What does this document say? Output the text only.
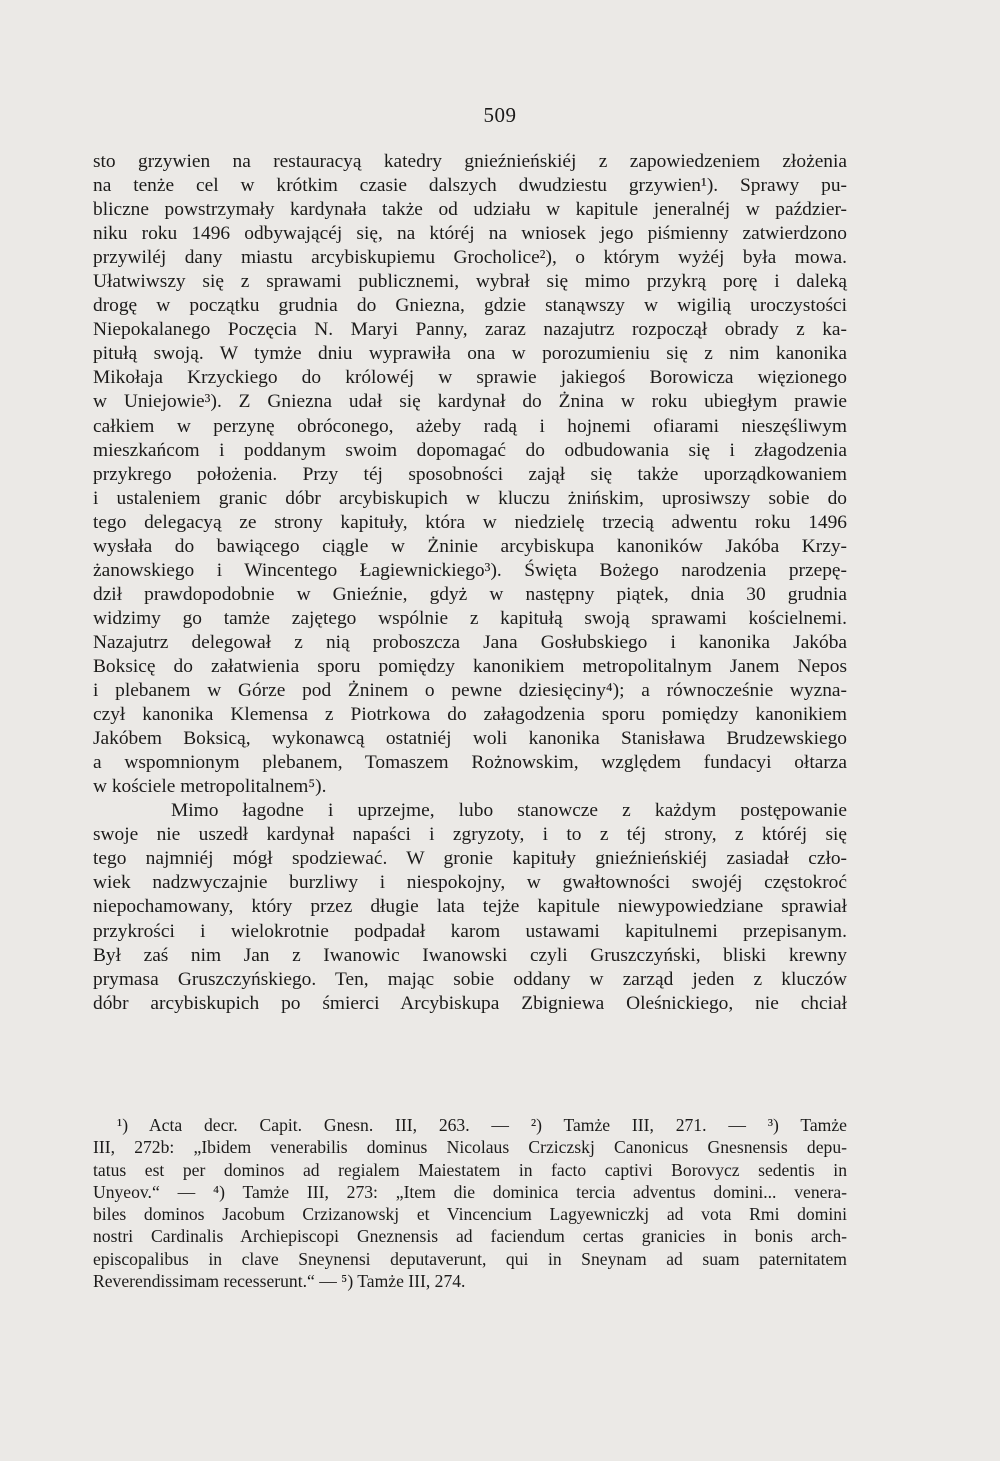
509
sto grzywien na restauracyą katedry gnieźnieńskiéj z zapowiedzeniem złożenia
na tenże cel w krótkim czasie dalszych dwudziestu grzywien¹). Sprawy pu-
bliczne powstrzymały kardynała także od udziału w kapitule jeneralnéj w paździer-
niku roku 1496 odbywającéj się, na któréj na wniosek jego piśmienny zatwierdzono
przywiléj dany miastu arcybiskupiemu Grocholice²), o którym wyżéj była mowa.
Ułatwiwszy się z sprawami publicznemi, wybrał się mimo przykrą porę i daleką
drogę w początku grudnia do Gniezna, gdzie stanąwszy w wigilią uroczystości
Niepokalanego Poczęcia N. Maryi Panny, zaraz nazajutrz rozpoczął obrady z ka-
pitułą swoją. W tymże dniu wyprawiła ona w porozumieniu się z nim kanonika
Mikołaja Krzyckiego do królowéj w sprawie jakiegoś Borowicza więzionego
w Uniejowie³). Z Gniezna udał się kardynał do Żnina w roku ubiegłym prawie
całkiem w perzynę obróconego, ażeby radą i hojnemi ofiarami nieszęśliwym
mieszkańcom i poddanym swoim dopomagać do odbudowania się i złagodzenia
przykrego położenia. Przy téj sposobności zajął się także uporządkowaniem
i ustaleniem granic dóbr arcybiskupich w kluczu żnińskim, uprosiwszy sobie do
tego delegacyą ze strony kapituły, która w niedzielę trzecią adwentu roku 1496
wysłała do bawiącego ciągle w Żninie arcybiskupa kanoników Jakóba Krzy-
żanowskiego i Wincentego Łagiewnickiego³). Święta Bożego narodzenia przepę-
dził prawdopodobnie w Gnieźnie, gdyż w następny piątek, dnia 30 grudnia
widzimy go tamże zajętego wspólnie z kapitułą swoją sprawami kościelnemi.
Nazajutrz delegował z nią proboszcza Jana Gosłubskiego i kanonika Jakóba
Boksicę do załatwienia sporu pomiędzy kanonikiem metropolitalnym Janem Nepos
i plebanem w Górze pod Żninem o pewne dziesięciny⁴); a równocześnie wyzna-
czył kanonika Klemensa z Piotrkowa do załagodzenia sporu pomiędzy kanonikiem
Jakóbem Boksicą, wykonawcą ostatniéj woli kanonika Stanisława Brudzewskiego
a wspomnionym plebanem, Tomaszem Rożnowskim, względem fundacyi ołtarza
w kościele metropolitalnem⁵).
Mimo łagodne i uprzejme, lubo stanowcze z każdym postępowanie
swoje nie uszedł kardynał napaści i zgryzoty, i to z téj strony, z któréj się
tego najmniéj mógł spodziewać. W gronie kapituły gnieźnieńskiéj zasiadał czło-
wiek nadzwyczajnie burzliwy i niespokojny, w gwałtowności swojéj częstokroć
niepochamowany, który przez długie lata tejże kapitule niewypowiedziane sprawiał
przykrości i wielokrotnie podpadał karom ustawami kapitulnemi przepisanym.
Był zaś nim Jan z Iwanowic Iwanowski czyli Gruszczyński, bliski krewny
prymasa Gruszczyńskiego. Ten, mając sobie oddany w zarząd jeden z kluczów
dóbr arcybiskupich po śmierci Arcybiskupa Zbigniewa Oleśnickiego, nie chciał
¹) Acta decr. Capit. Gnesn. III, 263. — ²) Tamże III, 271. — ³) Tamże
III, 272b: „Ibidem venerabilis dominus Nicolaus Crziczskj Canonicus Gnesnensis depu-
tatus est per dominos ad regialem Maiestatem in facto captivi Borovycz sedentis in
Unyeov.“ — ⁴) Tamże III, 273: „Item die dominica tercia adventus domini... venera-
biles dominos Jacobum Crzizanowskj et Vincencium Lagyewniczkj ad vota Rmi domini
nostri Cardinalis Archiepiscopi Gneznensis ad faciendum certas granicies in bonis arch-
episcopalibus in clave Sneynensi deputaverunt, qui in Sneynam ad suam paternitatem
Reverendissimam recesserunt.“ — ⁵) Tamże III, 274.
